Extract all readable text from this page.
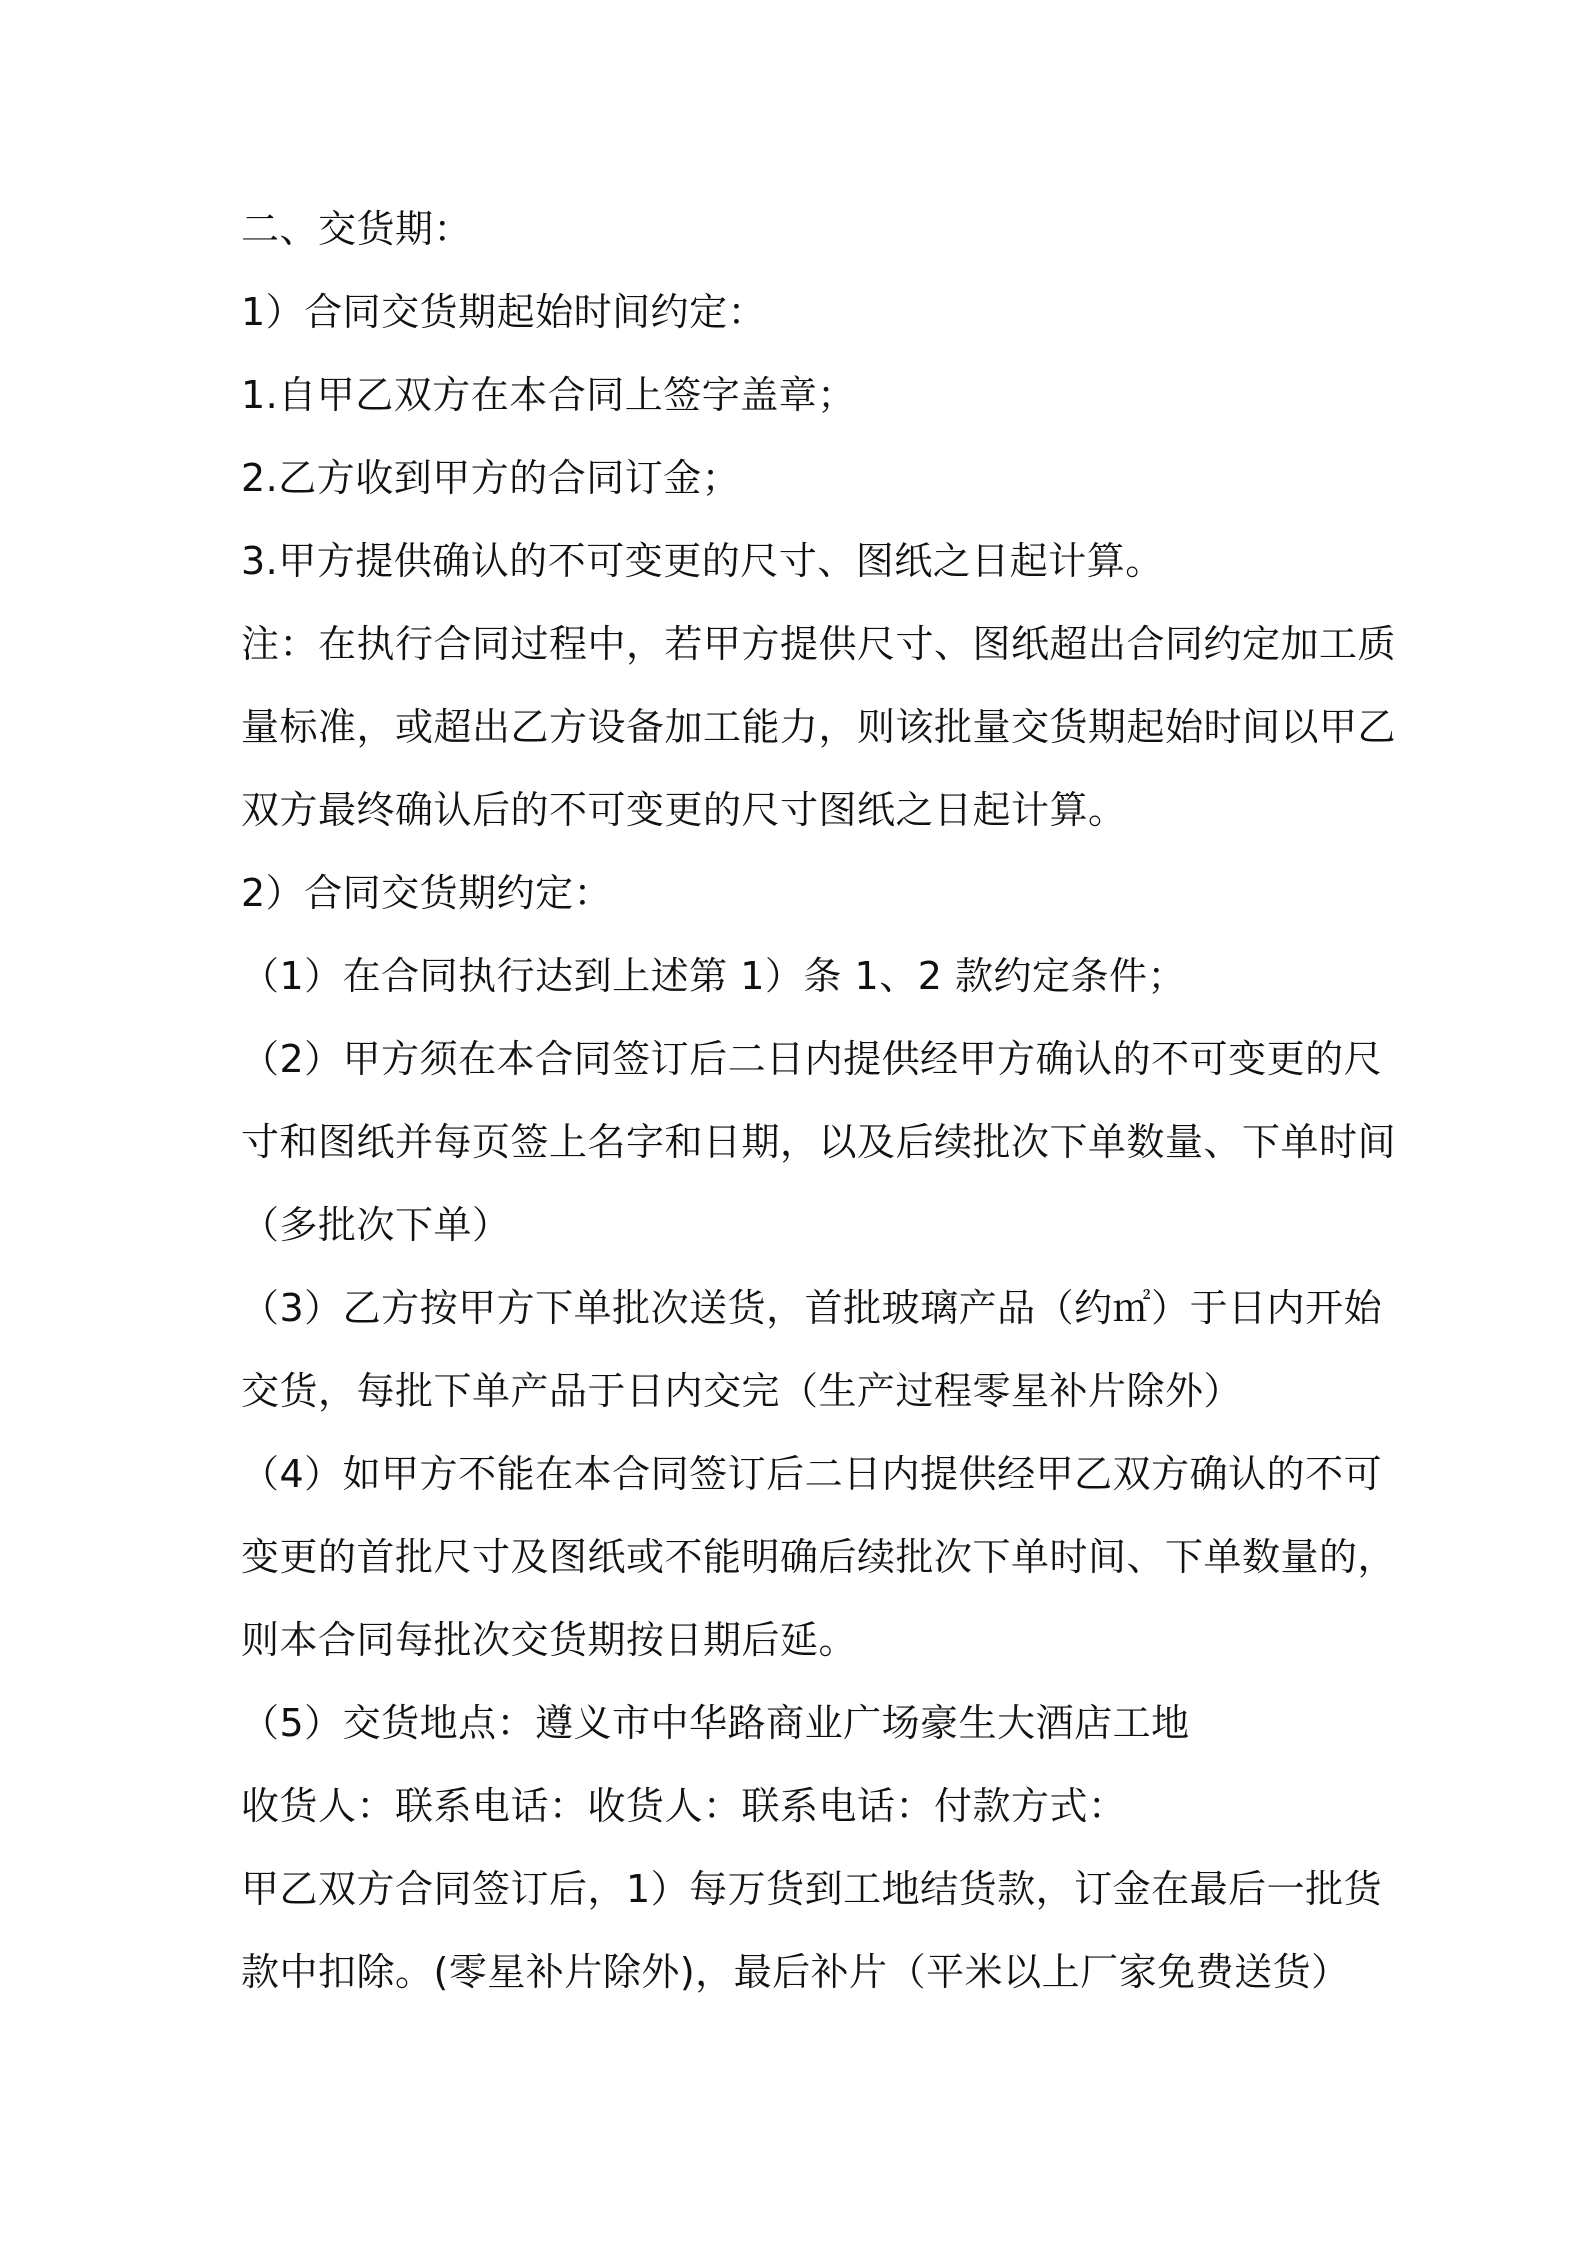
二、交货期：
1）合同交货期起始时间约定：
1.自甲乙双方在本合同上签字盖章；
2.乙方收到甲方的合同订金；
3.甲方提供确认的不可变更的尺寸、图纸之日起计算。
注：在执行合同过程中，若甲方提供尺寸、图纸超出合同约定加工质
量标准，或超出乙方设备加工能力，则该批量交货期起始时间以甲乙
双方最终确认后的不可变更的尺寸图纸之日起计算。
2）合同交货期约定：
（1）在合同执行达到上述第 1）条 1、2 款约定条件；
（2）甲方须在本合同签订后二日内提供经甲方确认的不可变更的尺
寸和图纸并每页签上名字和日期，以及后续批次下单数量、下单时间
（多批次下单）
（3）乙方按甲方下单批次送货，首批玻璃产品（约㎡）于日内开始
交货，每批下单产品于日内交完（生产过程零星补片除外）
（4）如甲方不能在本合同签订后二日内提供经甲乙双方确认的不可
变更的首批尺寸及图纸或不能明确后续批次下单时间、下单数量的，
则本合同每批次交货期按日期后延。
（5）交货地点：遵义市中华路商业广场豪生大酒店工地
收货人：联系电话：收货人：联系电话：付款方式：
甲乙双方合同签订后，1）每万货到工地结货款，订金在最后一批货
款中扣除。(零星补片除外)，最后补片（平米以上厂家免费送货）
